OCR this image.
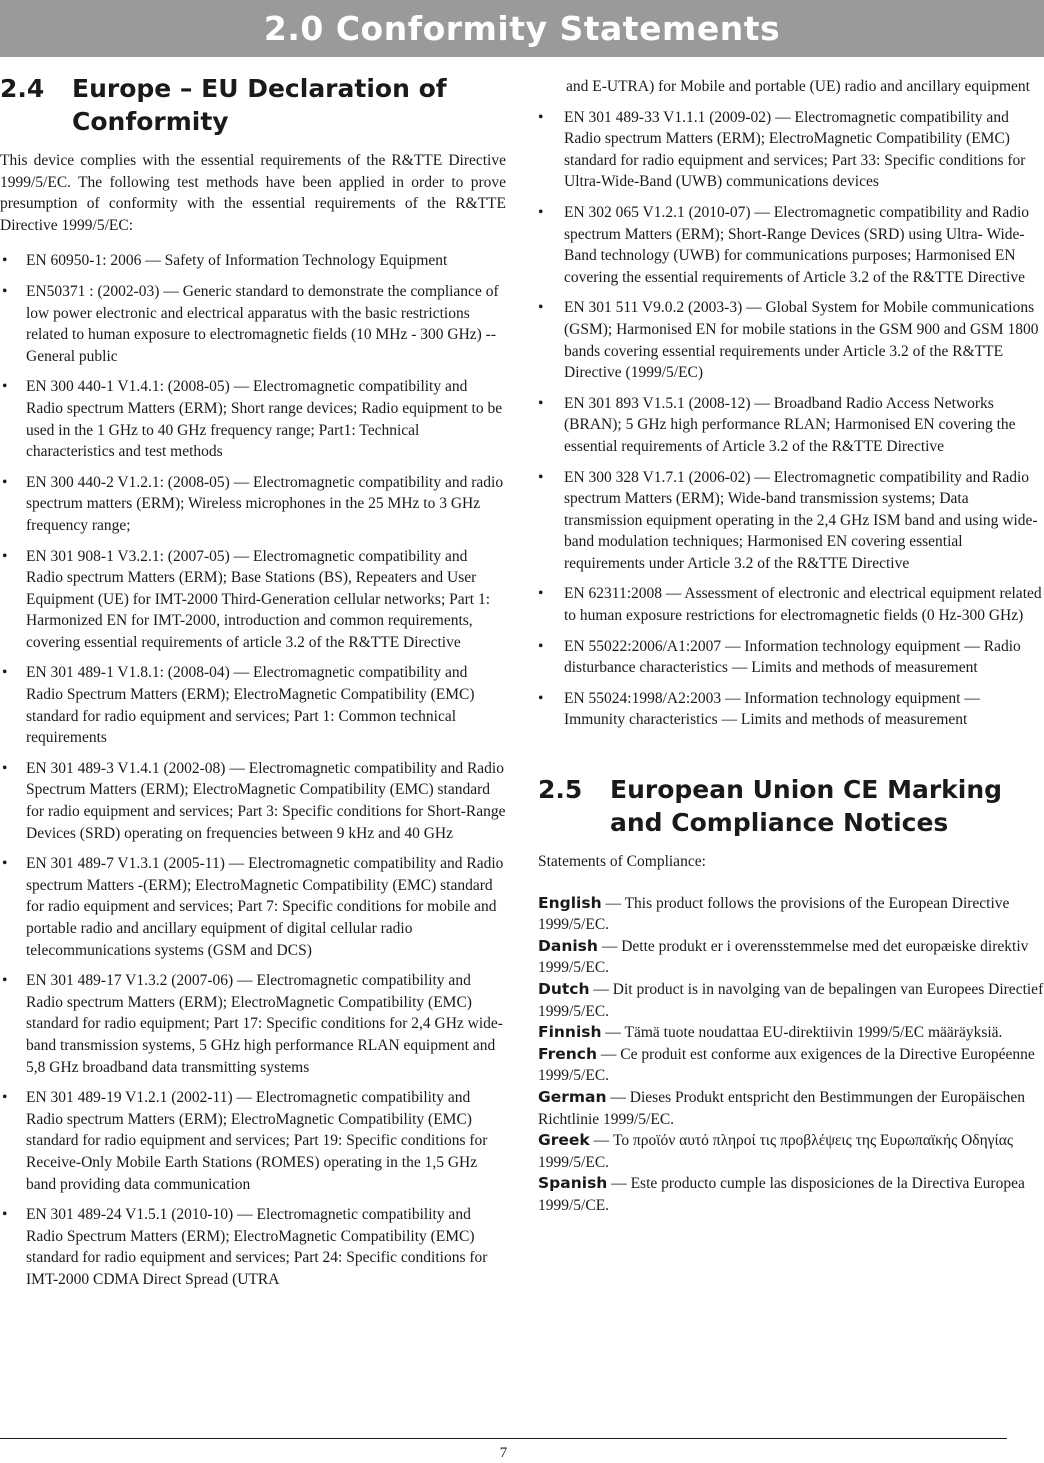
2.0 Conformity Statements
2.4	Europe – EU Declaration of Conformity

This device complies with the essential requirements of the R&TTE Directive 1999/5/EC. The following test methods have been applied in order to prove presumption of conformity with the essential requirements of the R&TTE Directive 1999/5/EC:

• EN 60950-1: 2006 — Safety of Information Technology Equipment
• EN50371 : (2002-03) — Generic standard to demonstrate the compliance of low power electronic and electrical apparatus with the basic restrictions related to human exposure to electromagnetic fields (10 MHz - 300 GHz) -- General public
• EN 300 440-1 V1.4.1: (2008-05) — Electromagnetic compatibility and Radio spectrum Matters (ERM); Short range devices; Radio equipment to be used in the 1 GHz to 40 GHz frequency range; Part1: Technical characteristics and test methods
• EN 300 440-2 V1.2.1: (2008-05) — Electromagnetic compatibility and radio spectrum matters (ERM); Wireless microphones in the 25 MHz to 3 GHz frequency range;
• EN 301 908-1 V3.2.1: (2007-05) — Electromagnetic compatibility and Radio spectrum Matters (ERM); Base Stations (BS), Repeaters and User Equipment (UE) for IMT-2000 Third-Generation cellular networks; Part 1: Harmonized EN for IMT-2000, introduction and common requirements, covering essential requirements of article 3.2 of the R&TTE Directive
• EN 301 489-1 V1.8.1: (2008-04) — Electromagnetic compatibility and Radio Spectrum Matters (ERM); ElectroMagnetic Compatibility (EMC) standard for radio equipment and services; Part 1: Common technical requirements
• EN 301 489-3 V1.4.1 (2002-08) — Electromagnetic compatibility and Radio Spectrum Matters (ERM); ElectroMagnetic Compatibility (EMC) standard for radio equipment and services; Part 3: Specific conditions for Short-Range Devices (SRD) operating on frequencies between 9 kHz and 40 GHz
• EN 301 489-7 V1.3.1 (2005-11) — Electromagnetic compatibility and Radio spectrum Matters -(ERM); ElectroMagnetic Compatibility (EMC) standard for radio equipment and services; Part 7: Specific conditions for mobile and portable radio and ancillary equipment of digital cellular radio telecommunications systems (GSM and DCS)
• EN 301 489-17 V1.3.2 (2007-06) — Electromagnetic compatibility and Radio spectrum Matters (ERM); ElectroMagnetic Compatibility (EMC) standard for radio equipment; Part 17: Specific conditions for 2,4 GHz wide-band transmission systems, 5 GHz high performance RLAN equipment and 5,8 GHz broadband data transmitting systems
• EN 301 489-19 V1.2.1 (2002-11) — Electromagnetic compatibility and Radio spectrum Matters (ERM); ElectroMagnetic Compatibility (EMC) standard for radio equipment and services; Part 19: Specific conditions for Receive-Only Mobile Earth Stations (ROMES) operating in the 1,5 GHz band providing data communication
• EN 301 489-24 V1.5.1 (2010-10) — Electromagnetic compatibility and Radio Spectrum Matters (ERM); ElectroMagnetic Compatibility (EMC) standard for radio equipment and services; Part 24: Specific conditions for IMT-2000 CDMA Direct Spread (UTRA
and E-UTRA) for Mobile and portable (UE) radio and ancillary equipment
• EN 301 489-33 V1.1.1 (2009-02) — Electromagnetic compatibility and Radio spectrum Matters (ERM); ElectroMagnetic Compatibility (EMC) standard for radio equipment and services; Part 33: Specific conditions for Ultra-Wide-Band (UWB) communications devices
• EN 302 065 V1.2.1 (2010-07) — Electromagnetic compatibility and Radio spectrum Matters (ERM); Short-Range Devices (SRD) using Ultra- Wide-Band technology (UWB) for communications purposes; Harmonised EN covering the essential requirements of Article 3.2 of the R&TTE Directive
• EN 301 511 V9.0.2 (2003-3) — Global System for Mobile communications (GSM); Harmonised EN for mobile stations in the GSM 900 and GSM 1800 bands covering essential requirements under Article 3.2 of the R&TTE Directive (1999/5/EC)
• EN 301 893 V1.5.1 (2008-12) — Broadband Radio Access Networks (BRAN); 5 GHz high performance RLAN; Harmonised EN covering the essential requirements of Article 3.2 of the R&TTE Directive
• EN 300 328 V1.7.1 (2006-02) — Electromagnetic compatibility and Radio spectrum Matters (ERM); Wide-band transmission systems; Data transmission equipment operating in the 2,4 GHz ISM band and using wide-band modulation techniques; Harmonised EN covering essential requirements under Article 3.2 of the R&TTE Directive
• EN 62311:2008 — Assessment of electronic and electrical equipment related to human exposure restrictions for electromagnetic fields (0 Hz-300 GHz)
• EN 55022:2006/A1:2007 — Information technology equipment — Radio disturbance characteristics — Limits and methods of measurement
• EN 55024:1998/A2:2003 — Information technology equipment — Immunity characteristics — Limits and methods of measurement
2.5	European Union CE Marking and Compliance Notices

Statements of Compliance:

English — This product follows the provisions of the European Directive 1999/5/EC.
Danish — Dette produkt er i overensstemmelse med det europæiske direktiv 1999/5/EC.
Dutch — Dit product is in navolging van de bepalingen van Europees Directief 1999/5/EC.
Finnish — Tämä tuote noudattaa EU-direktiivin 1999/5/EC määräyksiä.
French — Ce produit est conforme aux exigences de la Directive Européenne 1999/5/EC.
German — Dieses Produkt entspricht den Bestimmungen der Europäischen Richtlinie 1999/5/EC.
Greek — Το προϊόν αυτό πληροί τις προβλέψεις της Ευρωπαϊκής Οδηγίας 1999/5/EC.
Spanish — Este producto cumple las disposiciones de la Directiva Europea 1999/5/CE.
7
